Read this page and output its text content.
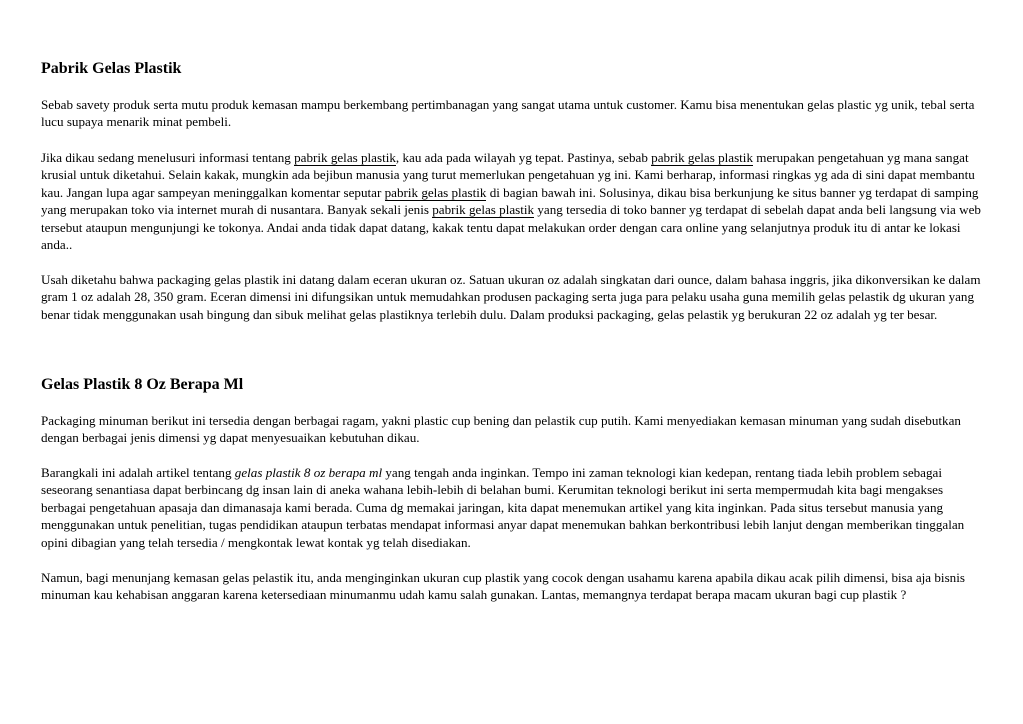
Pabrik Gelas Plastik

Sebab savety produk serta mutu produk kemasan mampu berkembang pertimbanagan yang sangat utama untuk customer. Kamu bisa menentukan gelas plastic yg unik, tebal serta lucu supaya menarik minat pembeli.

Jika dikau sedang menelusuri informasi tentang pabrik gelas plastik, kau ada pada wilayah yg tepat. Pastinya, sebab pabrik gelas plastik merupakan pengetahuan yg mana sangat krusial untuk diketahui. Selain kakak, mungkin ada bejibun manusia yang turut memerlukan pengetahuan yg ini. Kami berharap, informasi ringkas yg ada di sini dapat membantu kau. Jangan lupa agar sampeyan meninggalkan komentar seputar pabrik gelas plastik di bagian bawah ini. Solusinya, dikau bisa berkunjung ke situs banner yg terdapat di samping yang merupakan toko via internet murah di nusantara. Banyak sekali jenis pabrik gelas plastik yang tersedia di toko banner yg terdapat di sebelah dapat anda beli langsung via web tersebut ataupun mengunjungi ke tokonya. Andai anda tidak dapat datang, kakak tentu dapat melakukan order dengan cara online yang selanjutnya produk itu di antar ke lokasi anda..

Usah diketahu bahwa packaging gelas plastik ini datang dalam eceran ukuran oz. Satuan ukuran oz adalah singkatan dari ounce, dalam bahasa inggris, jika dikonversikan ke dalam gram 1 oz adalah 28, 350 gram. Eceran dimensi ini difungsikan untuk memudahkan produsen packaging serta juga para pelaku usaha guna memilih gelas pelastik dg ukuran yang benar tidak menggunakan usah bingung dan sibuk melihat gelas plastiknya terlebih dulu. Dalam produksi packaging, gelas pelastik yg berukuran 22 oz adalah yg ter besar.

Gelas Plastik 8 Oz Berapa Ml

Packaging minuman berikut ini tersedia dengan berbagai ragam, yakni plastic cup bening dan pelastik cup putih. Kami menyediakan kemasan minuman yang sudah disebutkan dengan berbagai jenis dimensi yg dapat menyesuaikan kebutuhan dikau.

Barangkali ini adalah artikel tentang gelas plastik 8 oz berapa ml yang tengah anda inginkan. Tempo ini zaman teknologi kian kedepan, rentang tiada lebih problem sebagai seseorang senantiasa dapat berbincang dg insan lain di aneka wahana lebih-lebih di belahan bumi. Kerumitan teknologi berikut ini serta mempermudah kita bagi mengakses berbagai pengetahuan apasaja dan dimanasaja kami berada. Cuma dg memakai jaringan, kita dapat menemukan artikel yang kita inginkan. Pada situs tersebut manusia yang menggunakan untuk penelitian, tugas pendidikan ataupun terbatas mendapat informasi anyar dapat menemukan bahkan berkontribusi lebih lanjut dengan memberikan tinggalan opini dibagian yang telah tersedia / mengkontak lewat kontak yg telah disediakan.

Namun, bagi menunjang kemasan gelas pelastik itu, anda menginginkan ukuran cup plastik yang cocok dengan usahamu karena apabila dikau acak pilih dimensi, bisa aja bisnis minuman kau kehabisan anggaran karena ketersediaan minumanmu udah kamu salah gunakan. Lantas, memangnya terdapat berapa macam ukuran bagi cup plastik ?
